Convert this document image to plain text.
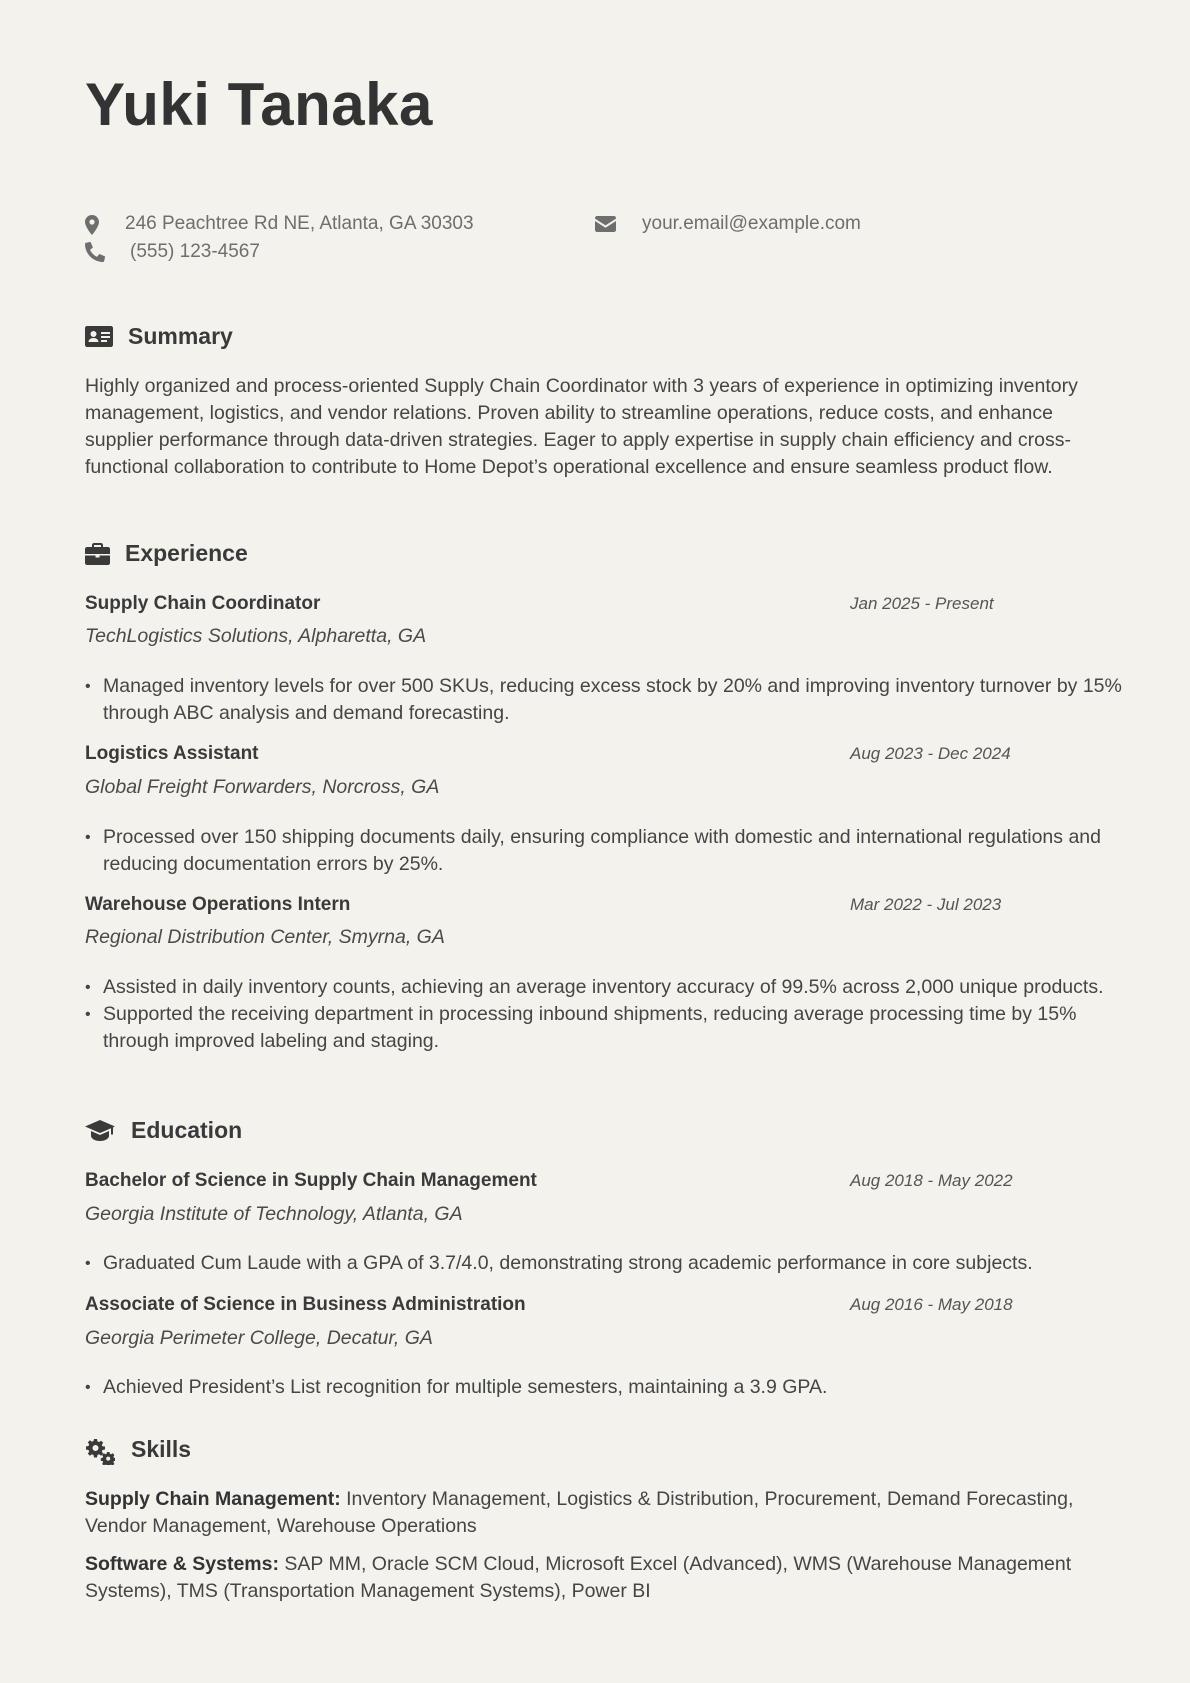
Yuki Tanaka
246 Peachtree Rd NE, Atlanta, GA 30303	your.email@example.com
(555) 123-4567
Summary

Highly organized and process-oriented Supply Chain Coordinator with 3 years of experience in optimizing inventory management, logistics, and vendor relations. Proven ability to streamline operations, reduce costs, and enhance supplier performance through data-driven strategies. Eager to apply expertise in supply chain efficiency and cross-functional collaboration to contribute to Home Depot’s operational excellence and ensure seamless product flow.

Experience
Supply Chain Coordinator	Jan 2025 - Present
TechLogistics Solutions, Alpharetta, GA
• Managed inventory levels for over 500 SKUs, reducing excess stock by 20% and improving inventory turnover by 15% through ABC analysis and demand forecasting.
Logistics Assistant	Aug 2023 - Dec 2024
Global Freight Forwarders, Norcross, GA
• Processed over 150 shipping documents daily, ensuring compliance with domestic and international regulations and reducing documentation errors by 25%.
Warehouse Operations Intern	Mar 2022 - Jul 2023
Regional Distribution Center, Smyrna, GA
• Assisted in daily inventory counts, achieving an average inventory accuracy of 99.5% across 2,000 unique products.
• Supported the receiving department in processing inbound shipments, reducing average processing time by 15% through improved labeling and staging.
Education
Bachelor of Science in Supply Chain Management	Aug 2018 - May 2022
Georgia Institute of Technology, Atlanta, GA
• Graduated Cum Laude with a GPA of 3.7/4.0, demonstrating strong academic performance in core subjects.
Associate of Science in Business Administration	Aug 2016 - May 2018
Georgia Perimeter College, Decatur, GA
• Achieved President’s List recognition for multiple semesters, maintaining a 3.9 GPA.
Skills
Supply Chain Management: Inventory Management, Logistics & Distribution, Procurement, Demand Forecasting, Vendor Management, Warehouse Operations
Software & Systems: SAP MM, Oracle SCM Cloud, Microsoft Excel (Advanced), WMS (Warehouse Management Systems), TMS (Transportation Management Systems), Power BI
